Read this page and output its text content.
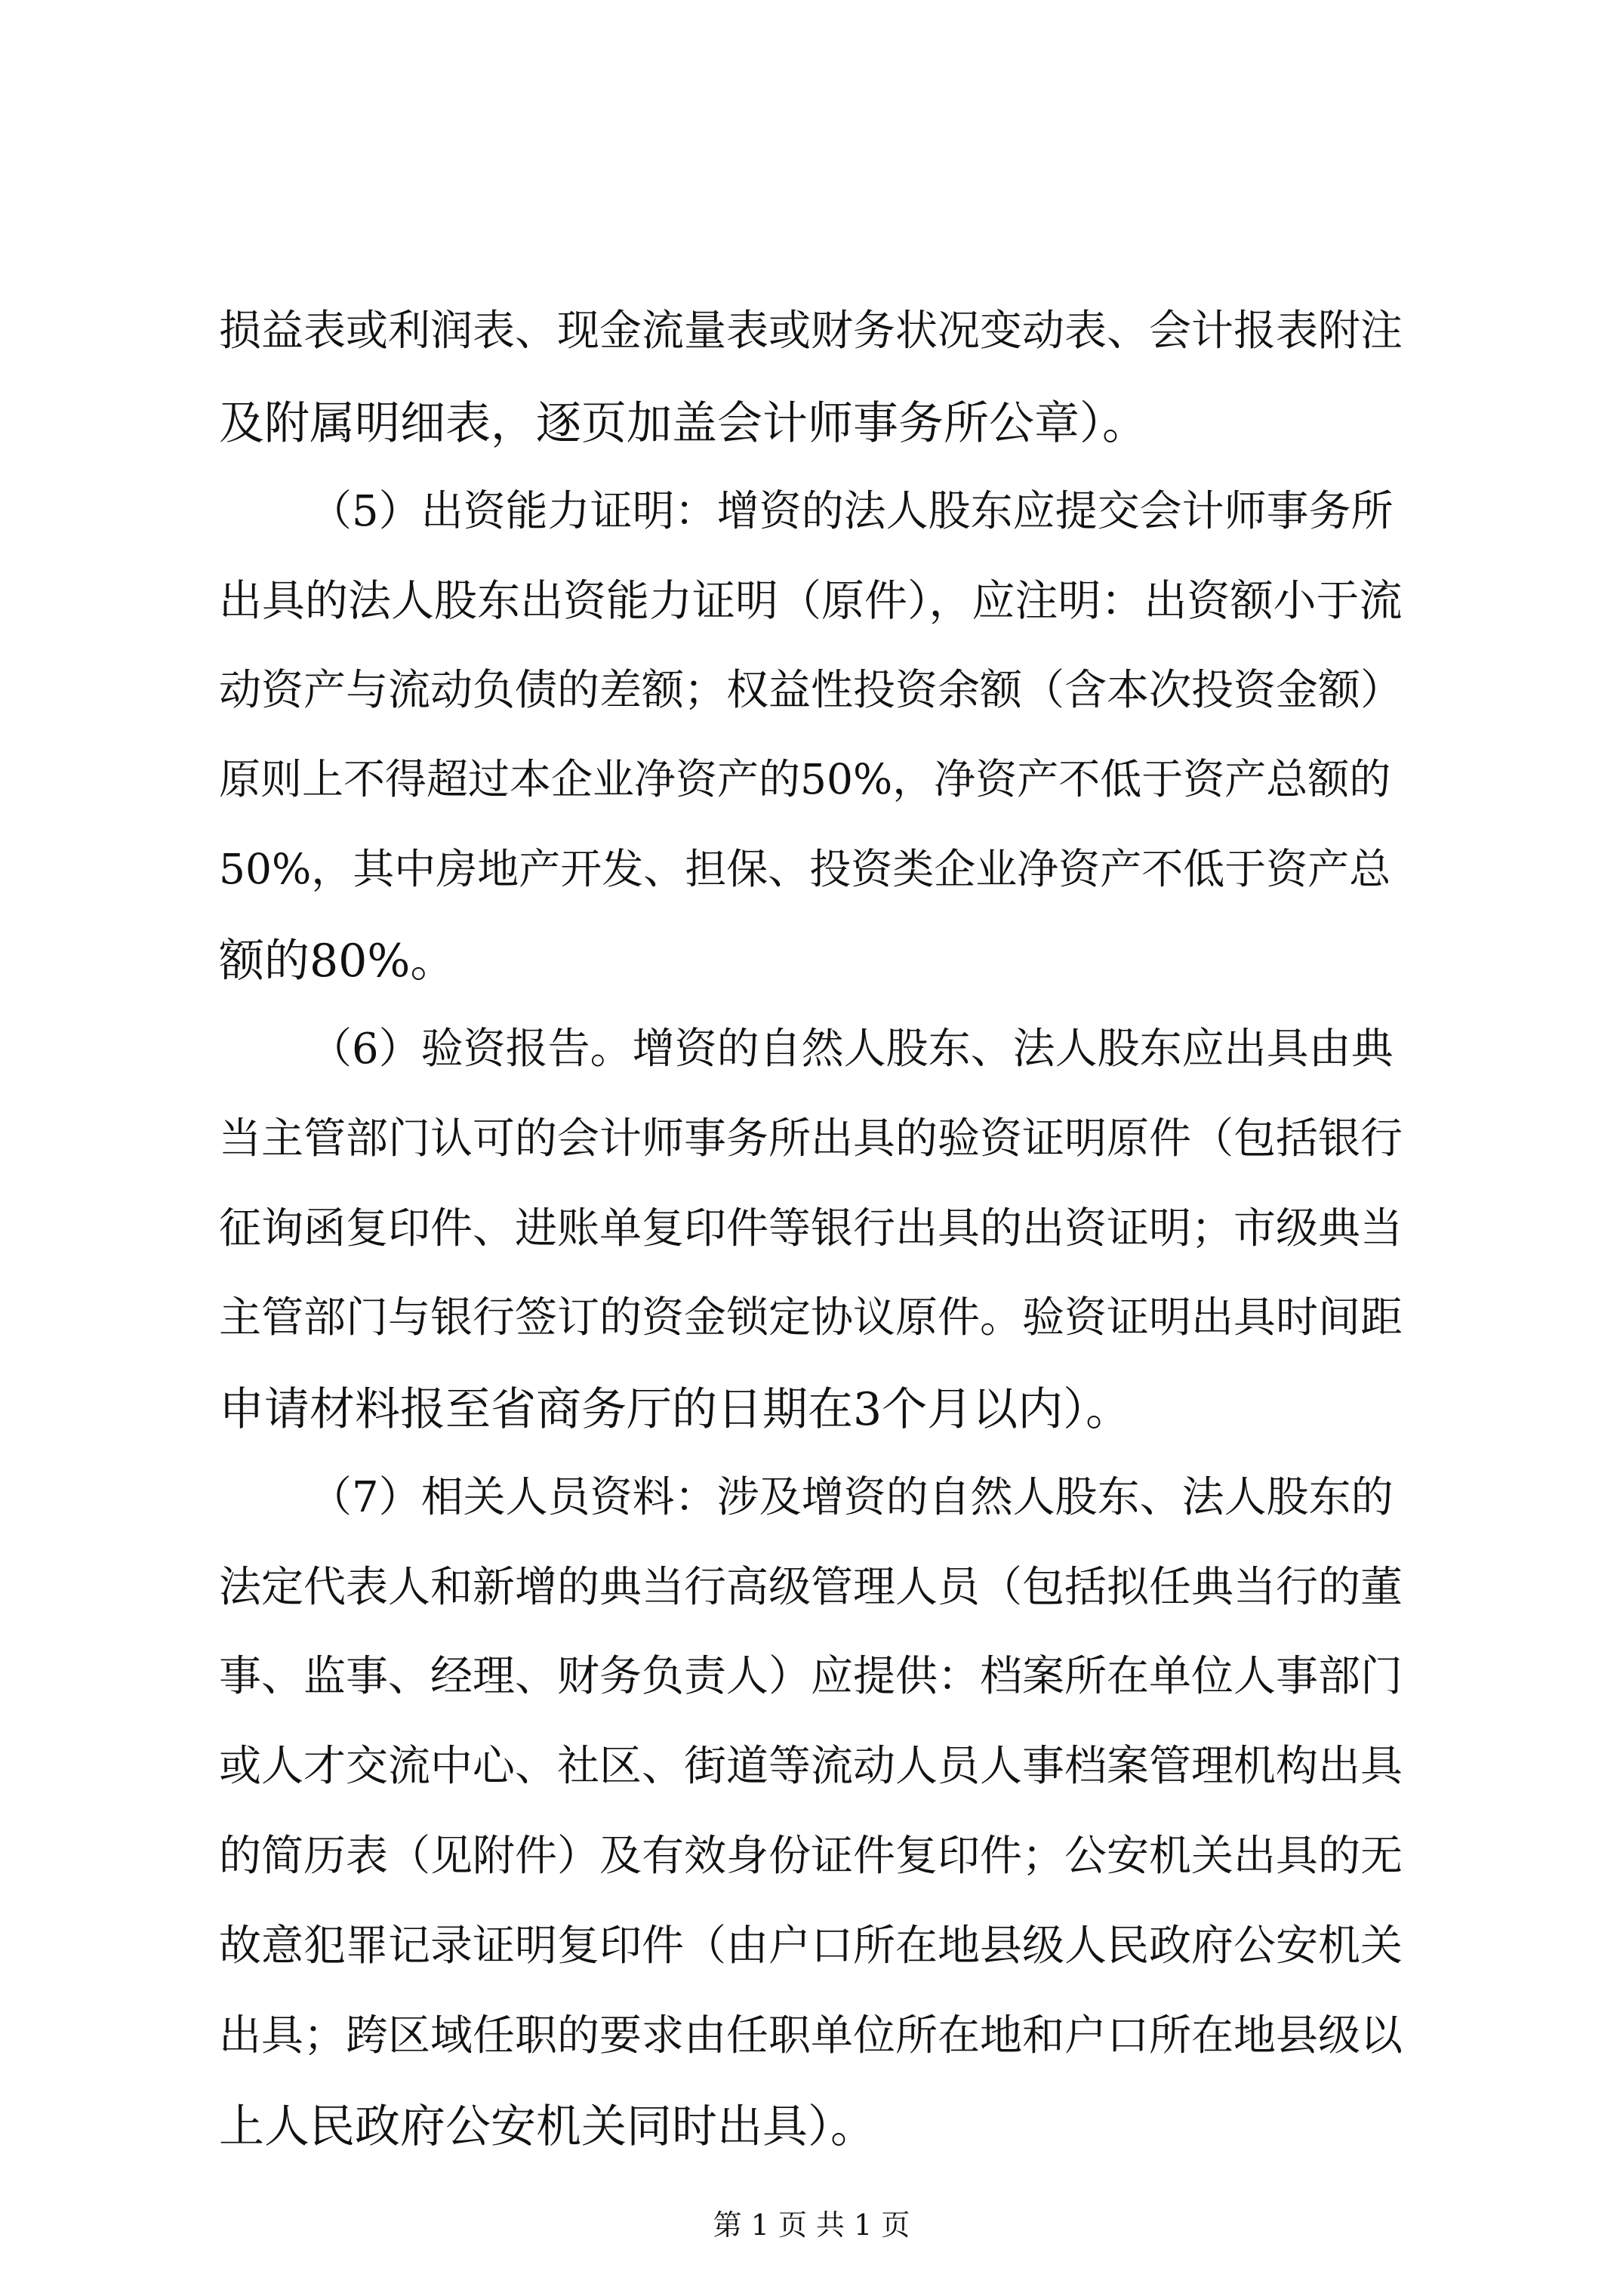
损益表或利润表、现金流量表或财务状况变动表、会计报表附注
及附属明细表，逐页加盖会计师事务所公章）。
（5）出资能力证明：增资的法人股东应提交会计师事务所
出具的法人股东出资能力证明（原件），应注明：出资额小于流
动资产与流动负债的差额；权益性投资余额（含本次投资金额）
原则上不得超过本企业净资产的50%，净资产不低于资产总额的
50%，其中房地产开发、担保、投资类企业净资产不低于资产总
额的80%。
（6）验资报告。增资的自然人股东、法人股东应出具由典
当主管部门认可的会计师事务所出具的验资证明原件（包括银行
征询函复印件、进账单复印件等银行出具的出资证明；市级典当
主管部门与银行签订的资金锁定协议原件。验资证明出具时间距
申请材料报至省商务厅的日期在3个月以内）。
（7）相关人员资料：涉及增资的自然人股东、法人股东的
法定代表人和新增的典当行高级管理人员（包括拟任典当行的董
事、监事、经理、财务负责人）应提供：档案所在单位人事部门
或人才交流中心、社区、街道等流动人员人事档案管理机构出具
的简历表（见附件）及有效身份证件复印件；公安机关出具的无
故意犯罪记录证明复印件（由户口所在地县级人民政府公安机关
出具；跨区域任职的要求由任职单位所在地和户口所在地县级以
上人民政府公安机关同时出具）。
第 1 页 共 1 页
